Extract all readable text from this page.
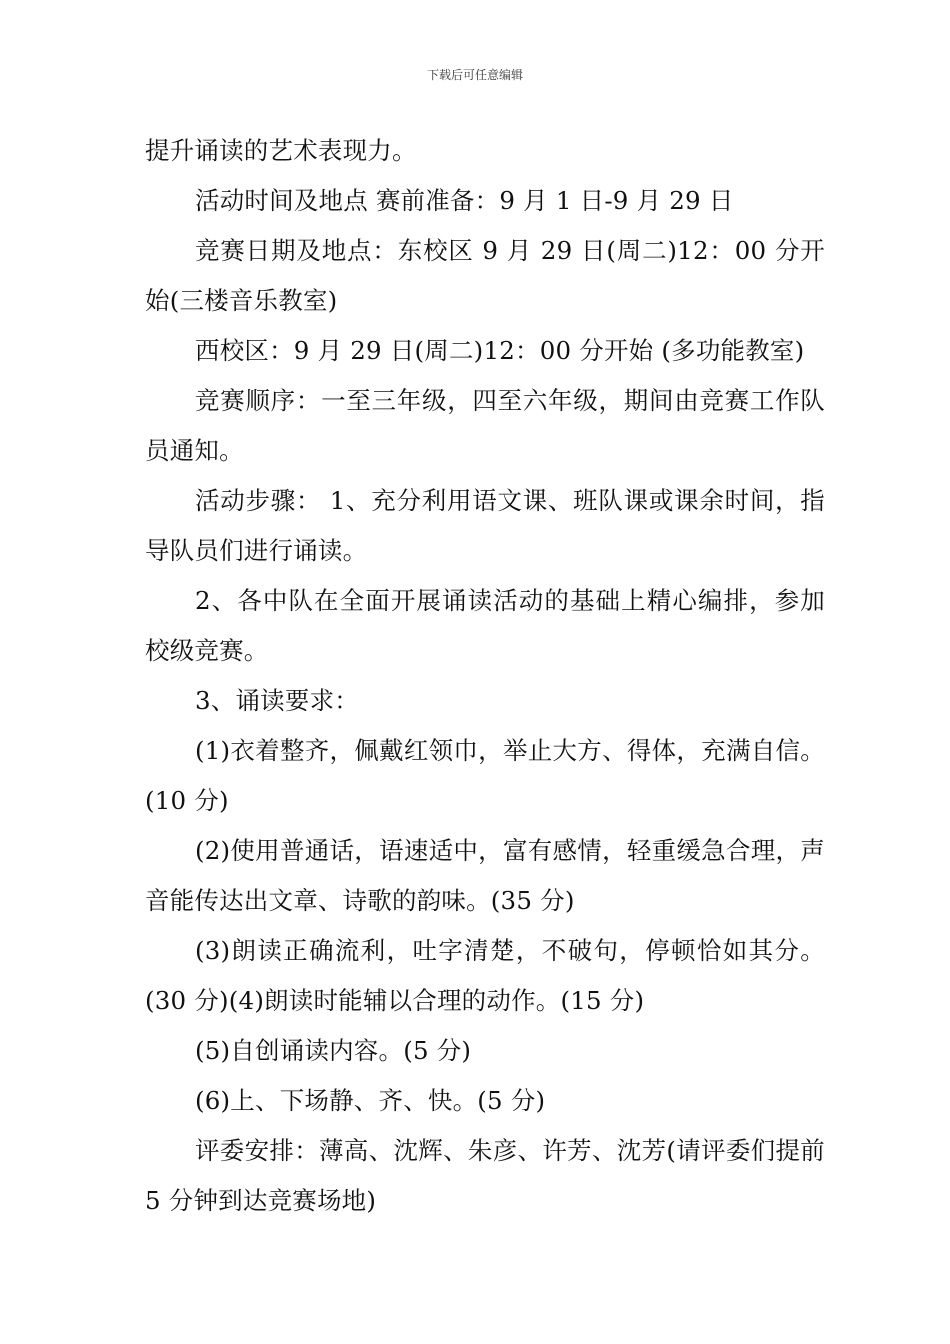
下载后可任意编辑

提升诵读的艺术表现力。

活动时间及地点 赛前准备：9 月 1 日-9 月 29 日

竞赛日期及地点：东校区 9 月 29 日(周二)12：00 分开始(三楼音乐教室)

西校区：9 月 29 日(周二)12：00 分开始 (多功能教室)

竞赛顺序：一至三年级，四至六年级，期间由竞赛工作队员通知。

活动步骤： 1、充分利用语文课、班队课或课余时间，指导队员们进行诵读。

2、各中队在全面开展诵读活动的基础上精心编排，参加校级竞赛。

3、诵读要求：

(1)衣着整齐，佩戴红领巾，举止大方、得体，充满自信。(10 分)

(2)使用普通话，语速适中，富有感情，轻重缓急合理，声音能传达出文章、诗歌的韵味。(35 分)

(3)朗读正确流利，吐字清楚，不破句，停顿恰如其分。(30 分)(4)朗读时能辅以合理的动作。(15 分)

(5)自创诵读内容。(5 分)

(6)上、下场静、齐、快。(5 分)

评委安排：薄高、沈辉、朱彦、许芳、沈芳(请评委们提前 5 分钟到达竞赛场地)
